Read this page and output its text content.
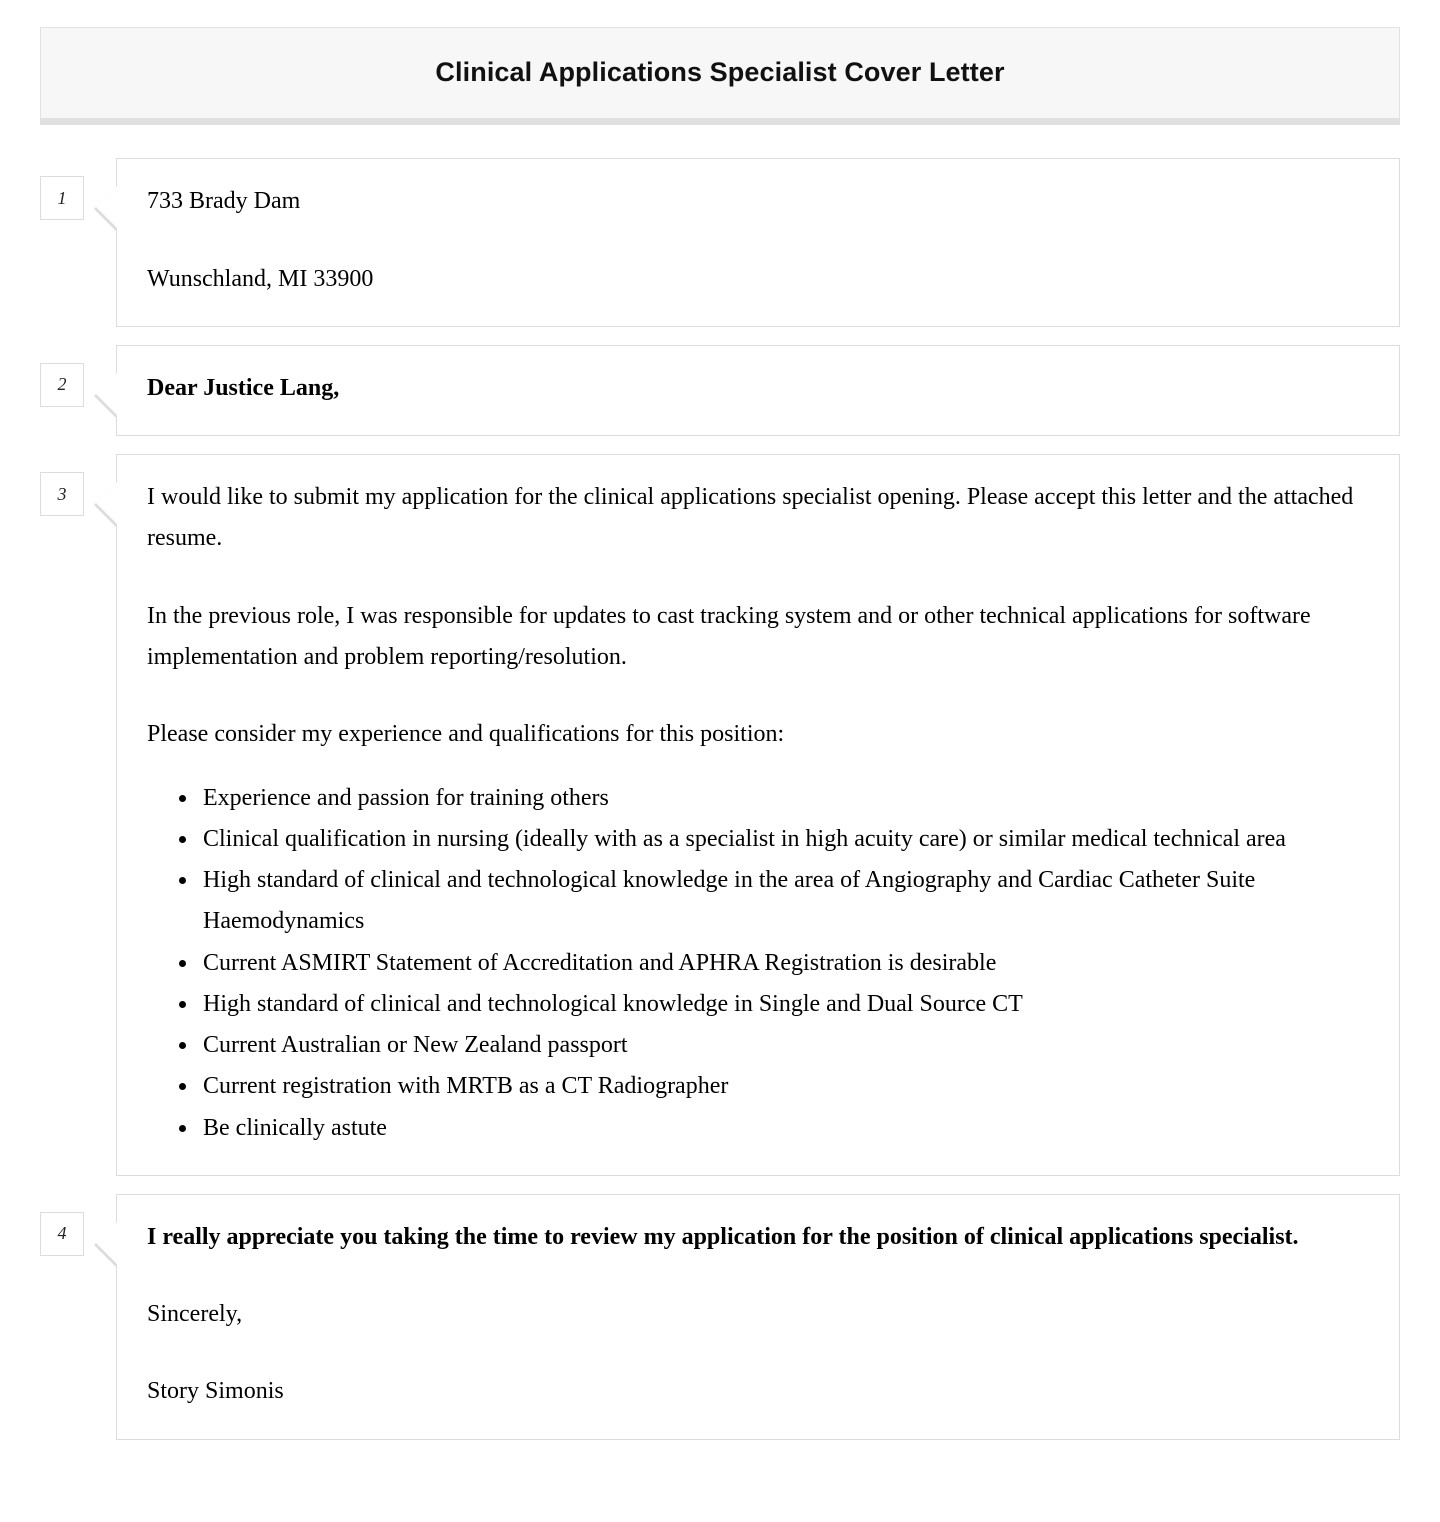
Clinical Applications Specialist Cover Letter
1	733 Brady Dam

Wunschland, MI 33900

2	Dear Justice Lang,

3	I would like to submit my application for the clinical applications specialist opening. Please accept this letter and the attached resume.

In the previous role, I was responsible for updates to cast tracking system and or other technical applications for software implementation and problem reporting/resolution.

Please consider my experience and qualifications for this position:

• Experience and passion for training others
• Clinical qualification in nursing (ideally with as a specialist in high acuity care) or similar medical technical area
• High standard of clinical and technological knowledge in the area of Angiography and Cardiac Catheter Suite Haemodynamics
• Current ASMIRT Statement of Accreditation and APHRA Registration is desirable
• High standard of clinical and technological knowledge in Single and Dual Source CT
• Current Australian or New Zealand passport
• Current registration with MRTB as a CT Radiographer
• Be clinically astute
4	I really appreciate you taking the time to review my application for the position of clinical applications specialist.

Sincerely,

Story Simonis
